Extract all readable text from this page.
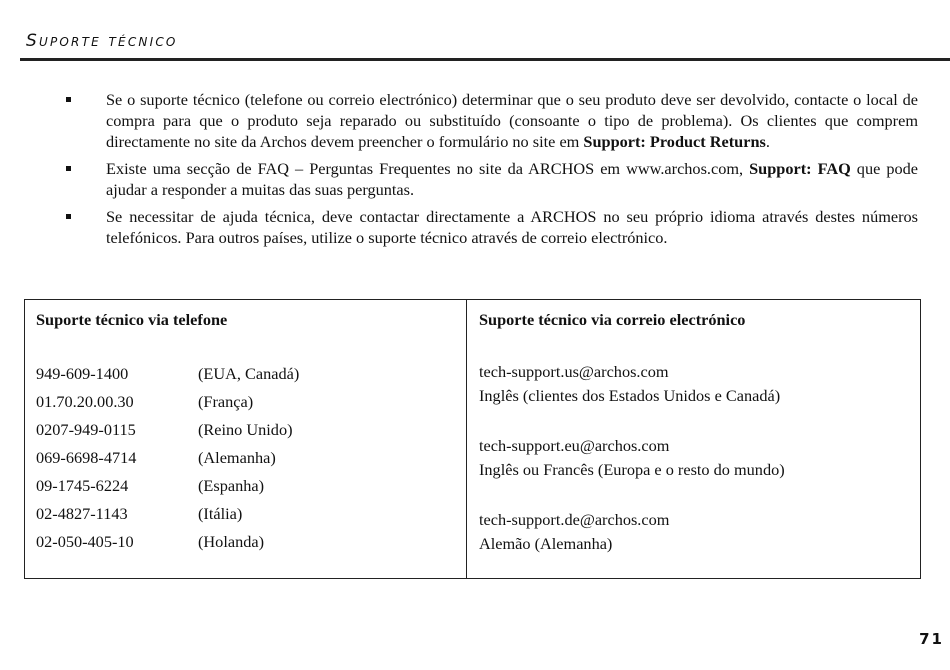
Suporte técnico
Se o suporte técnico (telefone ou correio electrónico) determinar que o seu produto deve ser devolvido, contacte o local de compra para que o produto seja reparado ou substituído (consoante o tipo de problema). Os clientes que comprem directamente no site da Archos devem preencher o formulário no site em Support: Product Returns.
Existe uma secção de FAQ – Perguntas Frequentes no site da ARCHOS em www.archos.com, Support: FAQ que pode ajudar a responder a muitas das suas perguntas.
Se necessitar de ajuda técnica, deve contactar directamente a ARCHOS no seu próprio idioma através destes números telefónicos. Para outros países, utilize o suporte técnico através de correio electrónico.
Suporte técnico via telefone
949-609-1400	(EUA, Canadá)
01.70.20.00.30	(França)
0207-949-0115	(Reino Unido)
069-6698-4714	(Alemanha)
09-1745-6224	(Espanha)
02-4827-1143	(Itália)
02-050-405-10	(Holanda)
Suporte técnico via correio electrónico
tech-support.us@archos.com
Inglês (clientes dos Estados Unidos e Canadá)
tech-support.eu@archos.com
Inglês ou Francês (Europa e o resto do mundo)
tech-support.de@archos.com
Alemão (Alemanha)
71
